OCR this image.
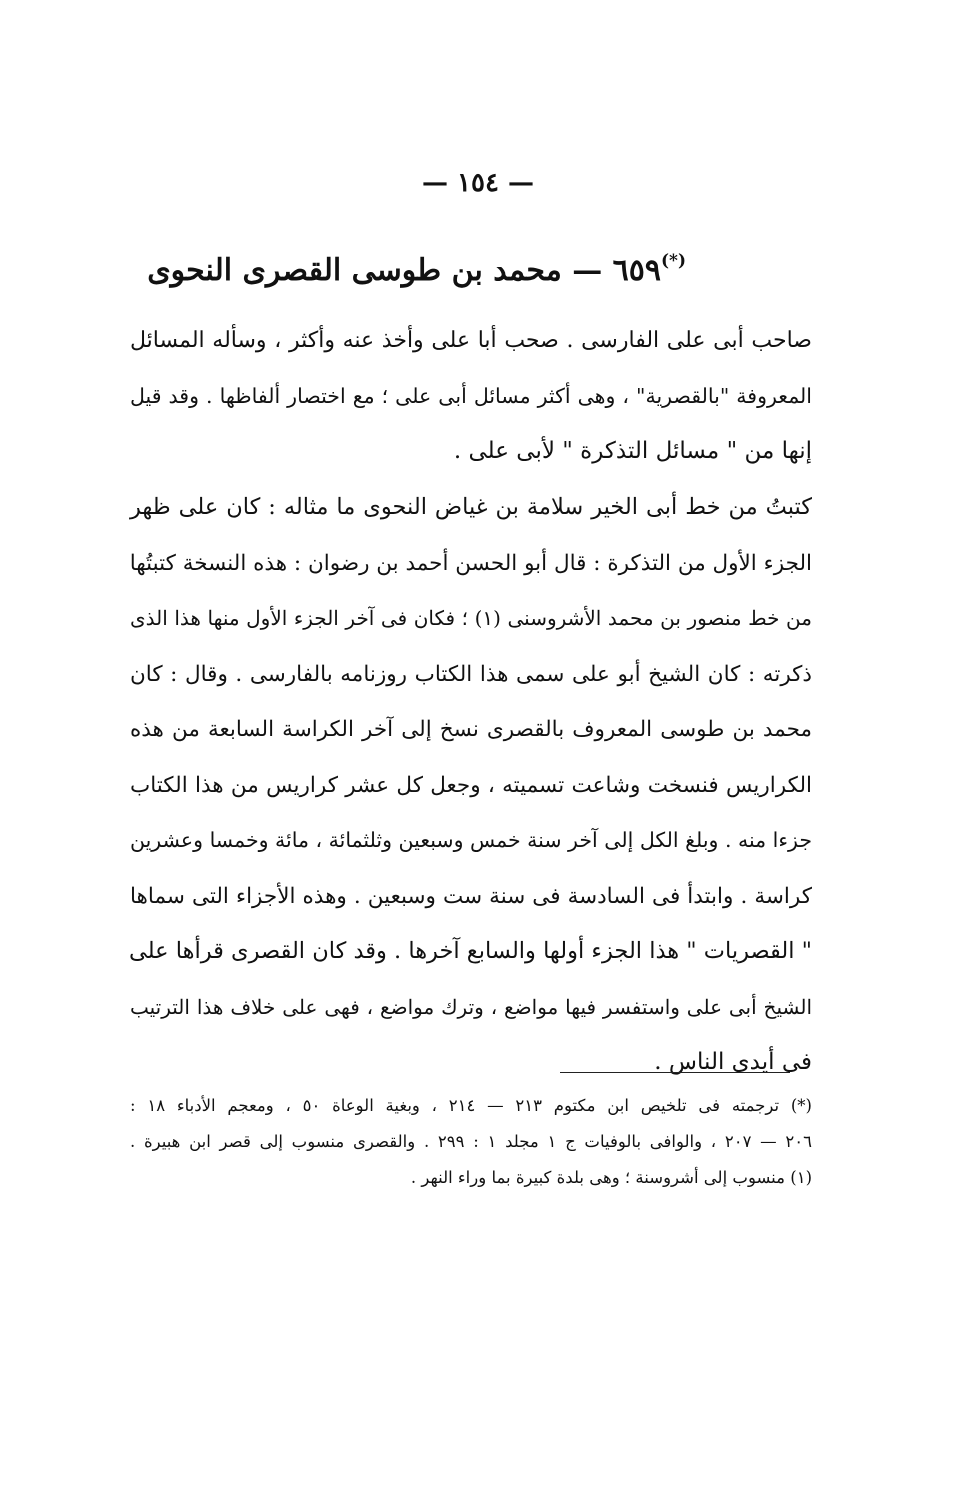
— ١٥٤ —
(*)٦٥٩ — محمد بن طوسى القصرى النحوى
صاحب أبى على الفارسى . صحب أبا على وأخذ عنه وأكثر ، وسأله المسائل
المعروفة "بالقصرية" ، وهى أكثر مسائل أبى على ؛ مع اختصار ألفاظها . وقد قيل
إنها من " مسائل التذكرة " لأبى على .
كتبتُ من خط أبى الخير سلامة بن غياض النحوى ما مثاله : كان على ظهر
الجزء الأول من التذكرة : قال أبو الحسن أحمد بن رضوان : هذه النسخة كتبتُها
من خط منصور بن محمد الأشروسنى (١) ؛ فكان فى آخر الجزء الأول منها هذا الذى
ذكرته : كان الشيخ أبو على سمى هذا الكتاب روزنامه بالفارسى . وقال : كان
محمد بن طوسى المعروف بالقصرى نسخ إلى آخر الكراسة السابعة من هذه
الكراريس فنسخت وشاعت تسميته ، وجعل كل عشر كراريس من هذا الكتاب
جزءا منه . وبلغ الكل إلى آخر سنة خمس وسبعين وثلثمائة ، مائة وخمسا وعشرين
كراسة . وابتدأ فى السادسة فى سنة ست وسبعين . وهذه الأجزاء التى سماها
" القصريات " هذا الجزء أولها والسابع آخرها . وقد كان القصرى قرأها على
الشيخ أبى على واستفسر فيها مواضع ، وترك مواضع ، فهى على خلاف هذا الترتيب
فى أيدى الناس .
(*) ترجمته فى تلخيص ابن مكتوم ٢١٣ — ٢١٤ ، وبغية الوعاة ٥٠ ، ومعجم الأدباء ١٨ :
٢٠٦ — ٢٠٧ ، والوافى بالوفيات ج ١ مجلد ١ : ٢٩٩ . والقصرى منسوب إلى قصر ابن هبيرة .
(١) منسوب إلى أشروسنة ؛ وهى بلدة كبيرة بما وراء النهر .
